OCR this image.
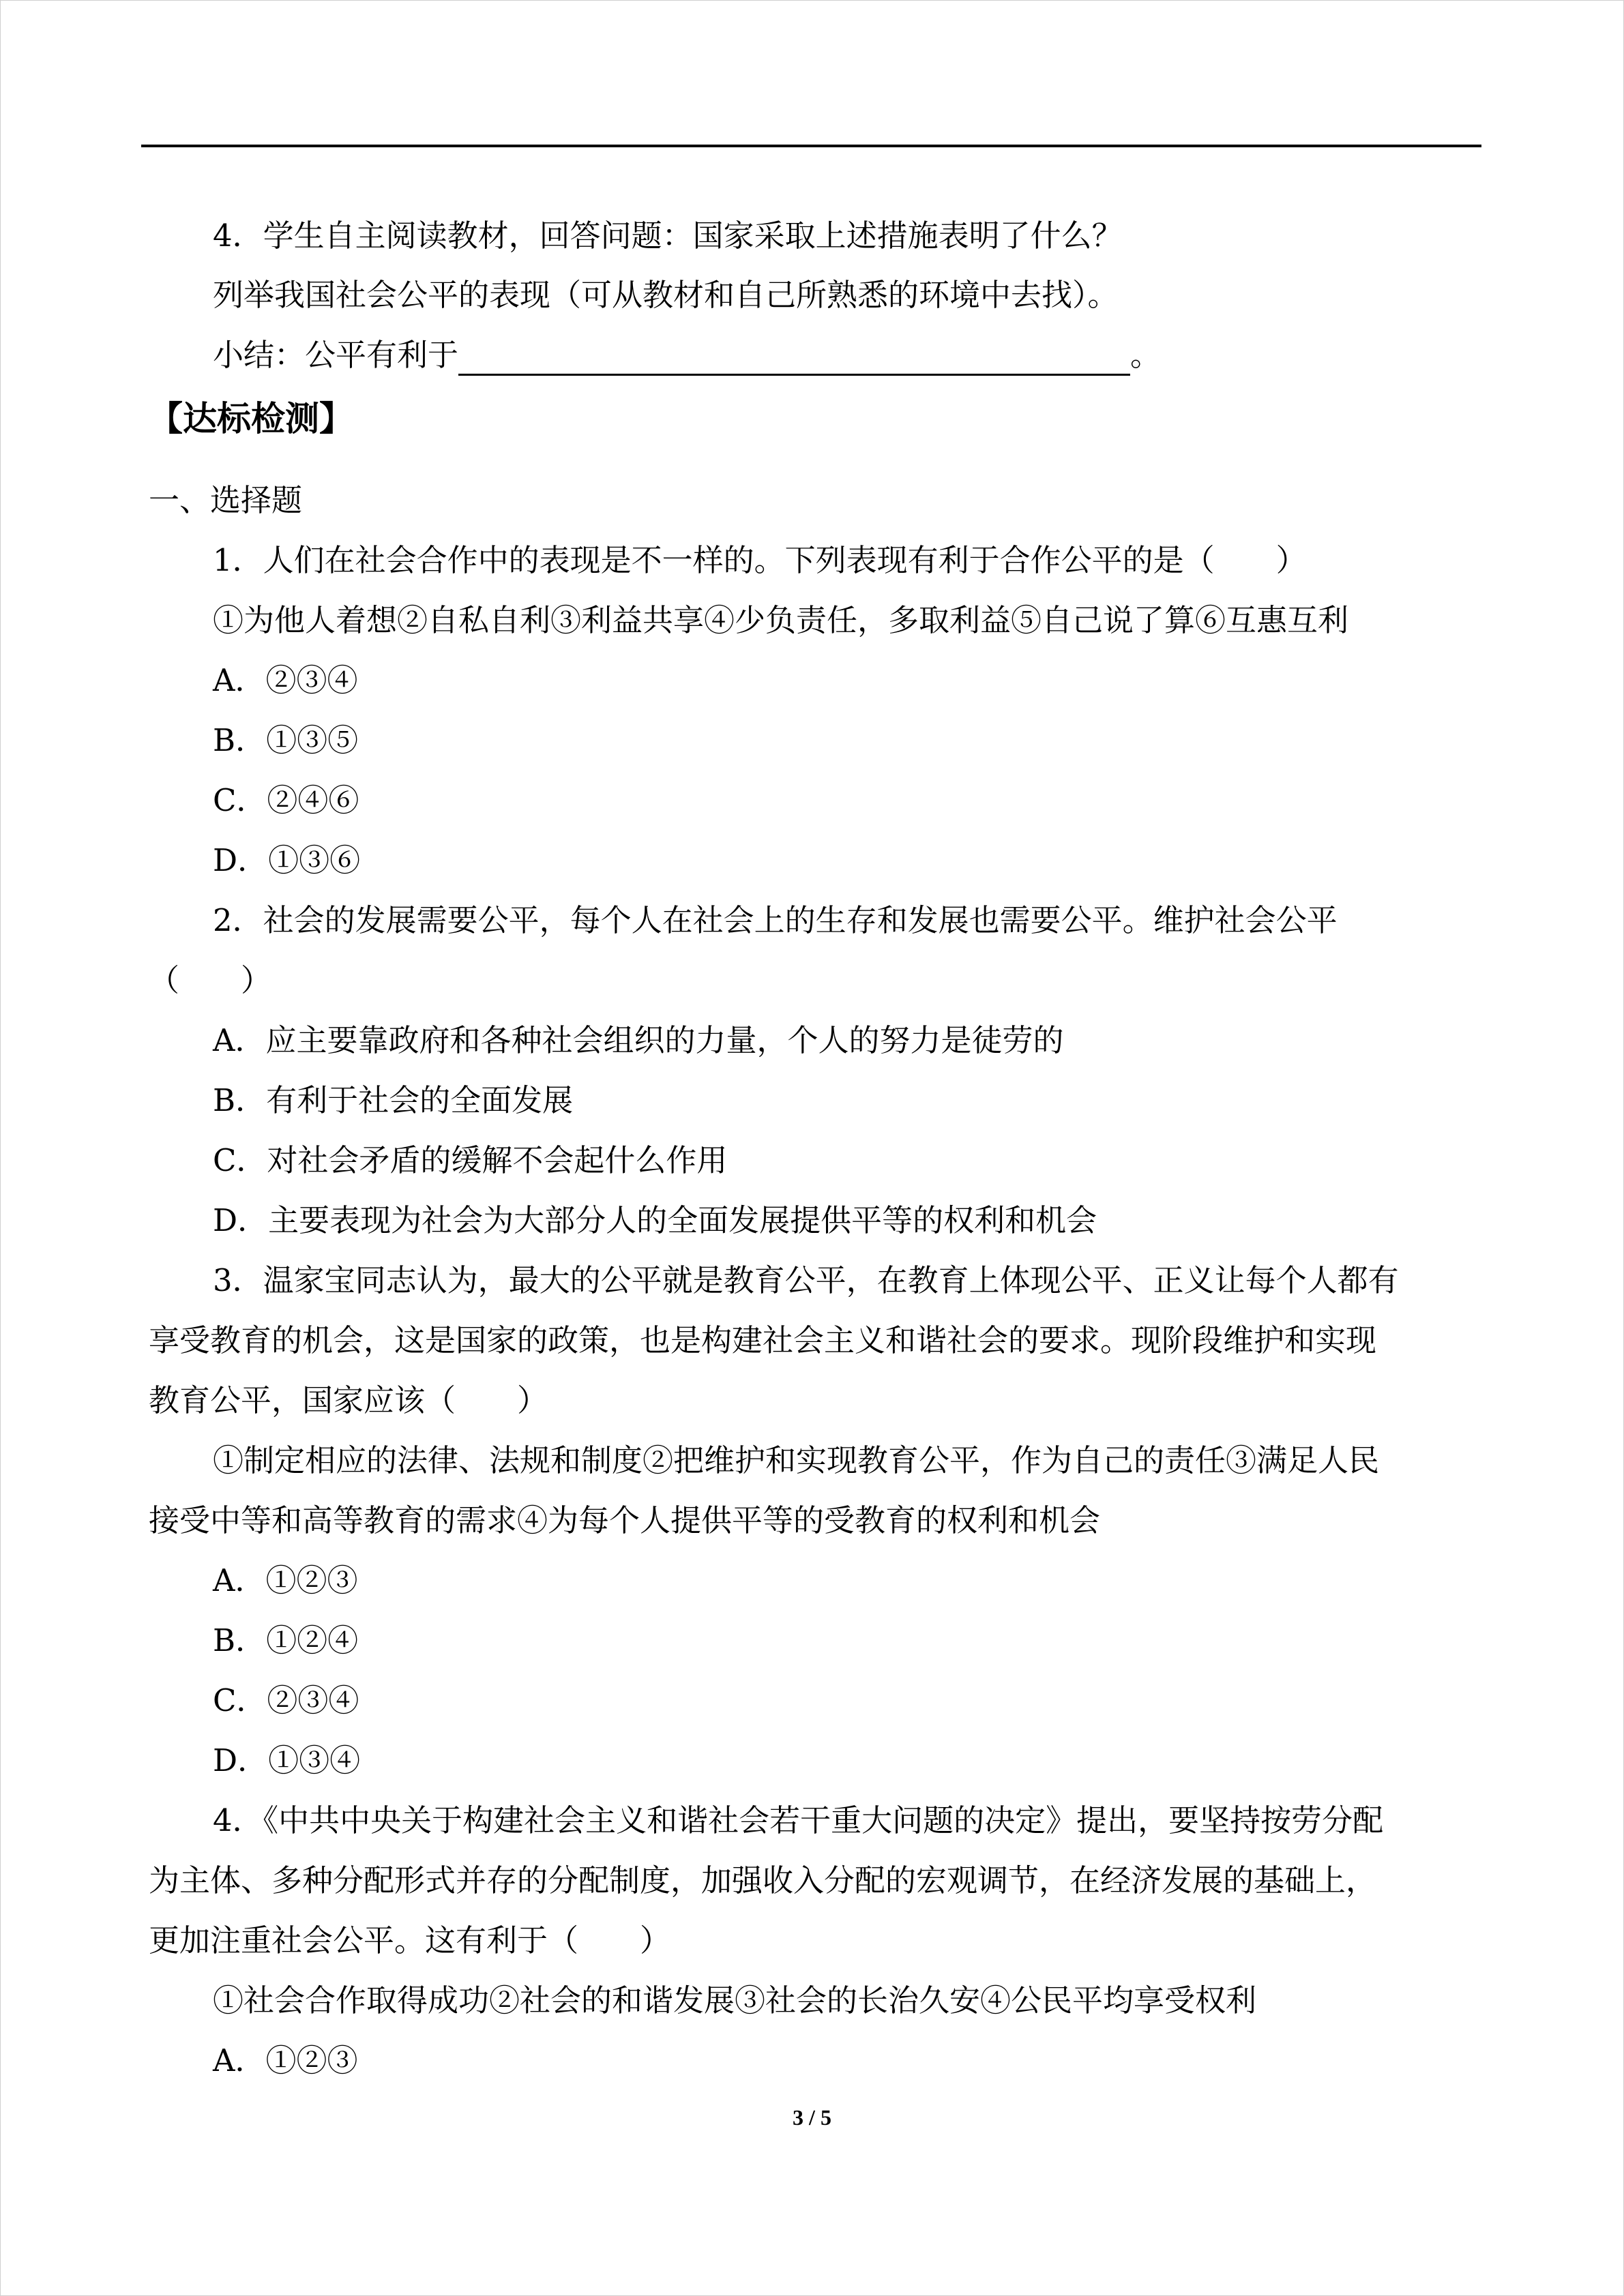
4．学生自主阅读教材，回答问题：国家采取上述措施表明了什么？
列举我国社会公平的表现（可从教材和自己所熟悉的环境中去找）。
小结：公平有利于	。
【达标检测】
一、选择题
1．人们在社会合作中的表现是不一样的。下列表现有利于合作公平的是（　　）
①为他人着想②自私自利③利益共享④少负责任，多取利益⑤自己说了算⑥互惠互利
A．②③④
B．①③⑤
C．②④⑥
D．①③⑥
2．社会的发展需要公平，每个人在社会上的生存和发展也需要公平。维护社会公平
（　　）
A．应主要靠政府和各种社会组织的力量，个人的努力是徒劳的
B．有利于社会的全面发展
C．对社会矛盾的缓解不会起什么作用
D．主要表现为社会为大部分人的全面发展提供平等的权利和机会
3．温家宝同志认为，最大的公平就是教育公平，在教育上体现公平、正义让每个人都有
享受教育的机会，这是国家的政策，也是构建社会主义和谐社会的要求。现阶段维护和实现
教育公平，国家应该（　　）
①制定相应的法律、法规和制度②把维护和实现教育公平，作为自己的责任③满足人民
接受中等和高等教育的需求④为每个人提供平等的受教育的权利和机会
A．①②③
B．①②④
C．②③④
D．①③④
4．《中共中央关于构建社会主义和谐社会若干重大问题的决定》提出，要坚持按劳分配
为主体、多种分配形式并存的分配制度，加强收入分配的宏观调节，在经济发展的基础上，
更加注重社会公平。这有利于（　　）
①社会合作取得成功②社会的和谐发展③社会的长治久安④公民平均享受权利
A．①②③
3 / 5
